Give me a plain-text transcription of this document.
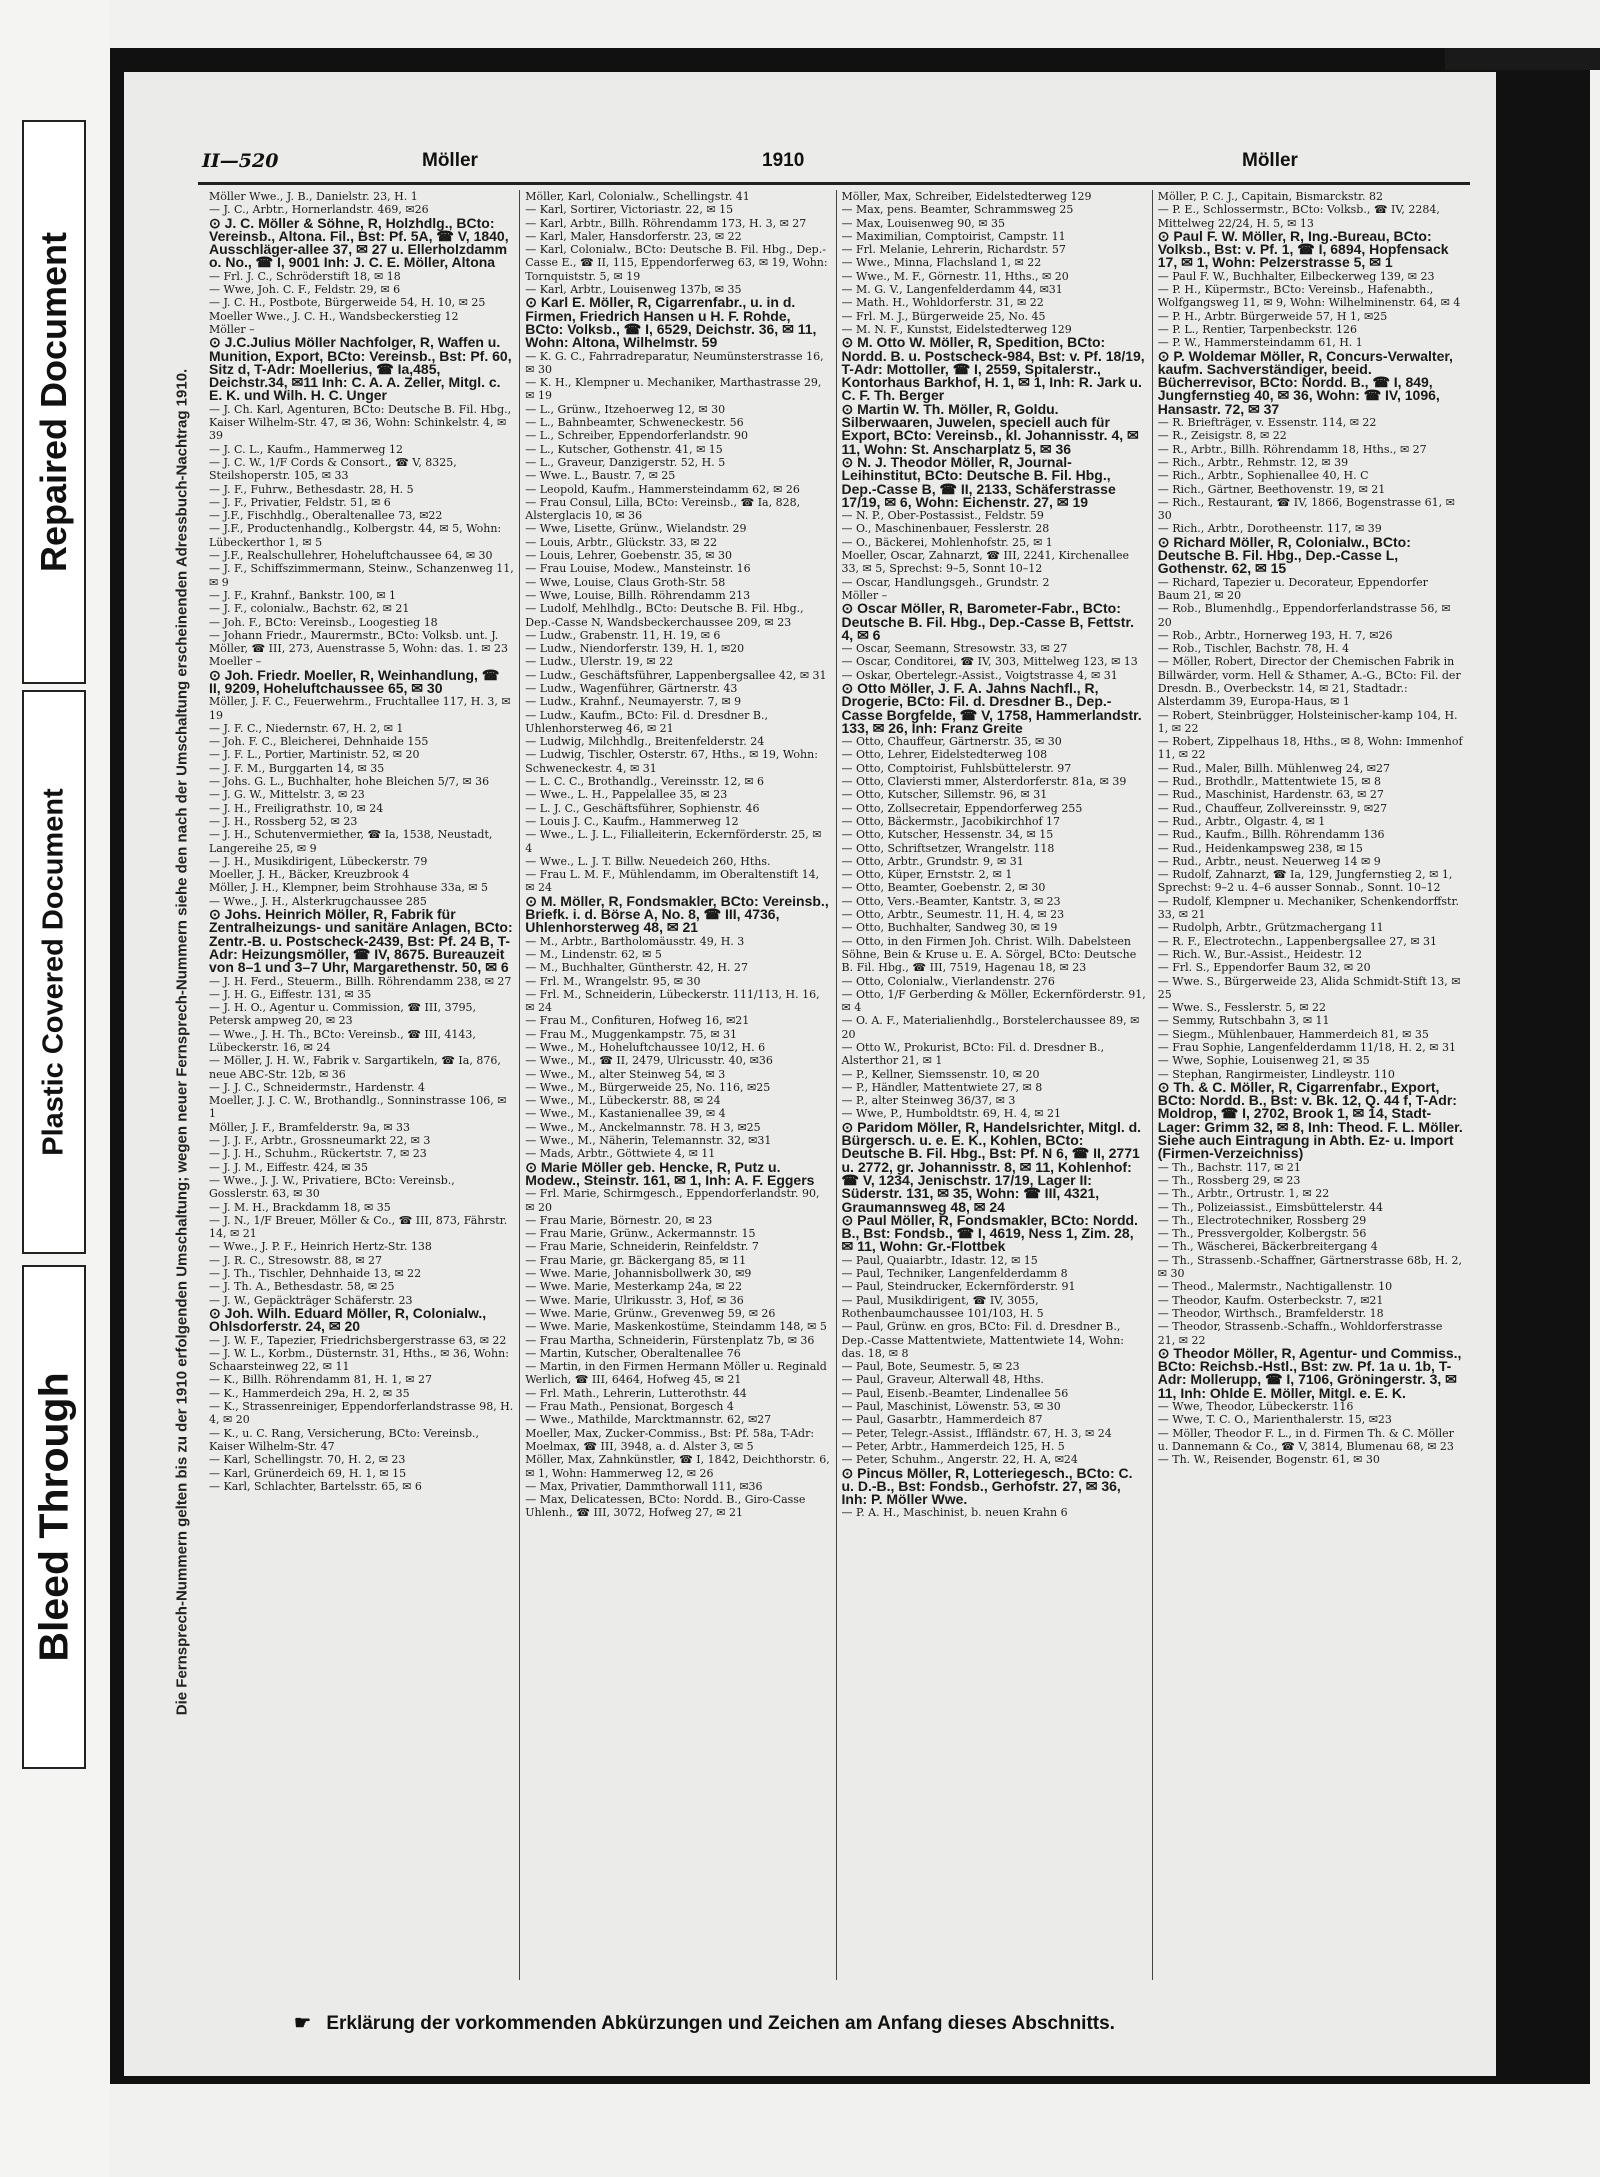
Repaired Document
Plastic Covered Document
Bleed Through
II—520	Möller	1910	Möller
Die Fernsprech-Nummern gelten bis zu der 1910 erfolgenden Umschaltung; wegen neuer Fernsprech-Nummern siehe den nach der Umschaltung erscheinenden Adressbuch-Nachtrag 1910.

Möller Wwe., J. B., Danielstr. 23, H. 1

— J. C., Arbtr., Hornerlandstr. 469, ✉26

⊙ J. C. Möller & Söhne, R, Holzhdlg., BCto: Vereinsb., Altona. Fil., Bst: Pf. 5A, ☎ V, 1840, Ausschläger-allee 37, ✉ 27 u. Ellerholzdamm o. No., ☎ I, 9001 Inh: J. C. E. Möller, Altona

— Frl. J. C., Schröderstift 18, ✉ 18

— Wwe, Joh. C. F., Feldstr. 29, ✉ 6

— J. C. H., Postbote, Bürgerweide 54, H. 10, ✉ 25

Moeller Wwe., J. C. H., Wandsbeckerstieg 12

Möller –

⊙ J.C.Julius Möller Nachfolger, R, Waffen u. Munition, Export, BCto: Vereinsb., Bst: Pf. 60, Sitz d, T-Adr: Moellerius, ☎ Ia,485, Deichstr.34, ✉11 Inh: C. A. A. Zeller, Mitgl. c. E. K. und Wilh. H. C. Unger

— J. Ch. Karl, Agenturen, BCto: Deutsche B. Fil. Hbg., Kaiser Wilhelm-Str. 47, ✉ 36, Wohn: Schinkelstr. 4, ✉ 39

— J. C. L., Kaufm., Hammerweg 12

— J. C. W., 1/F Cords & Consort., ☎ V, 8325, Steilshoperstr. 105, ✉ 33

— J. F., Fuhrw., Bethesdastr. 28, H. 5

— J. F., Privatier, Feldstr. 51, ✉ 6

— J.F., Fischhdlg., Oberaltenallee 73, ✉22

— J.F., Productenhandlg., Kolbergstr. 44, ✉ 5, Wohn: Lübeckerthor 1, ✉ 5

— J.F., Realschullehrer, Hoheluftchaussee 64, ✉ 30

— J. F., Schiffszimmermann, Steinw., Schanzenweg 11, ✉ 9

— J. F., Krahnf., Bankstr. 100, ✉ 1

— J. F., colonialw., Bachstr. 62, ✉ 21

— Joh. F., BCto: Vereinsb., Loogestieg 18

— Johann Friedr., Maurermstr., BCto: Volksb. unt. J. Möller, ☎ III, 273, Auenstrasse 5, Wohn: das. 1. ✉ 23

Moeller –

⊙ Joh. Friedr. Moeller, R, Weinhandlung, ☎ II, 9209, Hoheluftchaussee 65, ✉ 30

Möller, J. F. C., Feuerwehrm., Fruchtallee 117, H. 3, ✉ 19

— J. F. C., Niedernstr. 67, H. 2, ✉ 1

— Joh. F. C., Bleicherei, Dehnhaide 155

— J. F. L., Portier, Martinistr. 52, ✉ 20

— J. F. M., Burggarten 14, ✉ 35

— Johs. G. L., Buchhalter, hohe Bleichen 5/7, ✉ 36

— J. G. W., Mittelstr. 3, ✉ 23

— J. H., Freiligrathstr. 10, ✉ 24

— J. H., Rossberg 52, ✉ 23

— J. H., Schutenvermiether, ☎ Ia, 1538, Neustadt, Langereihe 25, ✉ 9

— J. H., Musikdirigent, Lübeckerstr. 79

Moeller, J. H., Bäcker, Kreuzbrook 4

Möller, J. H., Klempner, beim Strohhause 33a, ✉ 5

— Wwe., J. H., Alsterkrugchaussee 285

⊙ Johs. Heinrich Möller, R, Fabrik für Zentralheizungs- und sanitäre Anlagen, BCto: Zentr.-B. u. Postscheck-2439, Bst: Pf. 24 B, T-Adr: Heizungsmöller, ☎ IV, 8675. Bureauzeit von 8–1 und 3–7 Uhr, Margarethenstr. 50, ✉ 6

— J. H. Ferd., Steuerm., Billh. Röhrendamm 238, ✉ 27

— J. H. G., Eiffestr. 131, ✉ 35

— J. H. O., Agentur u. Commission, ☎ III, 3795, Petersk ampweg 20, ✉ 23

— Wwe., J. H. Th., BCto: Vereinsb., ☎ III, 4143, Lübeckerstr. 16, ✉ 24

— Möller, J. H. W., Fabrik v. Sargartikeln, ☎ Ia, 876, neue ABC-Str. 12b, ✉ 36

— J. J. C., Schneidermstr., Hardenstr. 4

Moeller, J. J. C. W., Brothandlg., Sonninstrasse 106, ✉ 1

Möller, J. F., Bramfelderstr. 9a, ✉ 33

— J. J. F., Arbtr., Grossneumarkt 22, ✉ 3

— J. J. H., Schuhm., Rückertstr. 7, ✉ 23

— J. J. M., Eiffestr. 424, ✉ 35

— Wwe., J. J. W., Privatiere, BCto: Vereinsb., Gosslerstr. 63, ✉ 30

— J. M. H., Brackdamm 18, ✉ 35

— J. N., 1/F Breuer, Möller & Co., ☎ III, 873, Fährstr. 14, ✉ 21

— Wwe., J. P. F., Heinrich Hertz-Str. 138

— J. R. C., Stresowstr. 88, ✉ 27

— J. Th., Tischler, Dehnhaide 13, ✉ 22

— J. Th. A., Bethesdastr. 58, ✉ 25

— J. W., Gepäckträger Schäferstr. 23

⊙ Joh. Wilh. Eduard Möller, R, Colonialw., Ohlsdorferstr. 24, ✉ 20

— J. W. F., Tapezier, Friedrichsbergerstrasse 63, ✉ 22

— J. W. L., Korbm., Düsternstr. 31, Hths., ✉ 36, Wohn: Schaarsteinweg 22, ✉ 11

— K., Billh. Röhrendamm 81, H. 1, ✉ 27

— K., Hammerdeich 29a, H. 2, ✉ 35

— K., Strassenreiniger, Eppendorferlandstrasse 98, H. 4, ✉ 20

— K., u. C. Rang, Versicherung, BCto: Vereinsb., Kaiser Wilhelm-Str. 47

— Karl, Schellingstr. 70, H. 2, ✉ 23

— Karl, Grünerdeich 69, H. 1, ✉ 15

— Karl, Schlachter, Bartelsstr. 65, ✉ 6

Möller, Karl, Colonialw., Schellingstr. 41

— Karl, Sortirer, Victoriastr. 22, ✉ 15

— Karl, Arbtr., Billh. Röhrendamm 173, H. 3, ✉ 27

— Karl, Maler, Hansdorferstr. 23, ✉ 22

— Karl, Colonialw., BCto: Deutsche B. Fil. Hbg., Dep.-Casse E., ☎ II, 115, Eppendorferweg 63, ✉ 19, Wohn: Tornquiststr. 5, ✉ 19

— Karl, Arbtr., Louisenweg 137b, ✉ 35

⊙ Karl E. Möller, R, Cigarrenfabr., u. in d. Firmen, Friedrich Hansen u H. F. Rohde, BCto: Volksb., ☎ I, 6529, Deichstr. 36, ✉ 11, Wohn: Altona, Wilhelmstr. 59

— K. G. C., Fahrradreparatur, Neumünsterstrasse 16, ✉ 30

— K. H., Klempner u. Mechaniker, Marthastrasse 29, ✉ 19

— L., Grünw., Itzehoerweg 12, ✉ 30

— L., Bahnbeamter, Schweneckestr. 56

— L., Schreiber, Eppendorferlandstr. 90

— L., Kutscher, Gothenstr. 41, ✉ 15

— L., Graveur, Danzigerstr. 52, H. 5

— Wwe. L., Baustr. 7, ✉ 25

— Leopold, Kaufm., Hammersteindamm 62, ✉ 26

— Frau Consul, Lilla, BCto: Vereinsb., ☎ Ia, 828, Alsterglacis 10, ✉ 36

— Wwe, Lisette, Grünw., Wielandstr. 29

— Louis, Arbtr., Glückstr. 33, ✉ 22

— Louis, Lehrer, Goebenstr. 35, ✉ 30

— Frau Louise, Modew., Mansteinstr. 16

— Wwe, Louise, Claus Groth-Str. 58

— Wwe, Louise, Billh. Röhrendamm 213

— Ludolf, Mehlhdlg., BCto: Deutsche B. Fil. Hbg., Dep.-Casse N, Wandsbeckerchaussee 209, ✉ 23

— Ludw., Grabenstr. 11, H. 19, ✉ 6

— Ludw., Niendorferstr. 139, H. 1, ✉20

— Ludw., Ulerstr. 19, ✉ 22

— Ludw., Geschäftsführer, Lappenbergsallee 42, ✉ 31

— Ludw., Wagenführer, Gärtnerstr. 43

— Ludw., Krahnf., Neumayerstr. 7, ✉ 9

— Ludw., Kaufm., BCto: Fil. d. Dresdner B., Uhlenhorsterweg 46, ✉ 21

— Ludwig, Milchhdlg., Breitenfelderstr. 24

— Ludwig, Tischler, Osterstr. 67, Hths., ✉ 19, Wohn: Schweneckestr. 4, ✉ 31

— L. C. C., Brothandlg., Vereinsstr. 12, ✉ 6

— Wwe., L. H., Pappelallee 35, ✉ 23

— L. J. C., Geschäftsführer, Sophienstr. 46

— Louis J. C., Kaufm., Hammerweg 12

— Wwe., L. J. L., Filialleiterin, Eckernförderstr. 25, ✉ 4

— Wwe., L. J. T. Billw. Neuedeich 260, Hths.

— Frau L. M. F., Mühlendamm, im Oberaltenstift 14, ✉ 24

⊙ M. Möller, R, Fondsmakler, BCto: Vereinsb., Briefk. i. d. Börse A, No. 8, ☎ III, 4736, Uhlenhorsterweg 48, ✉ 21

— M., Arbtr., Bartholomäusstr. 49, H. 3

— M., Lindenstr. 62, ✉ 5

— M., Buchhalter, Güntherstr. 42, H. 27

— Frl. M., Wrangelstr. 95, ✉ 30

— Frl. M., Schneiderin, Lübeckerstr. 111/113, H. 16, ✉ 24

— Frau M., Confituren, Hofweg 16, ✉21

— Frau M., Muggenkampstr. 75, ✉ 31

— Wwe., M., Hoheluftchaussee 10/12, H. 6

— Wwe., M., ☎ II, 2479, Ulricusstr. 40, ✉36

— Wwe., M., alter Steinweg 54, ✉ 3

— Wwe., M., Bürgerweide 25, No. 116, ✉25

— Wwe., M., Lübeckerstr. 88, ✉ 24

— Wwe., M., Kastanienallee 39, ✉ 4

— Wwe., M., Anckelmannstr. 78. H 3, ✉25

— Wwe., M., Näherin, Telemannstr. 32, ✉31

— Mads, Arbtr., Göttwiete 4, ✉ 11

⊙ Marie Möller geb. Hencke, R, Putz u. Modew., Steinstr. 161, ✉ 1, Inh: A. F. Eggers

— Frl. Marie, Schirmgesch., Eppendorferlandstr. 90, ✉ 20

— Frau Marie, Börnestr. 20, ✉ 23

— Frau Marie, Grünw., Ackermannstr. 15

— Frau Marie, Schneiderin, Reinfeldstr. 7

— Frau Marie, gr. Bäckergang 85, ✉ 11

— Wwe. Marie, Johannisbollwerk 30, ✉9

— Wwe. Marie, Mesterkamp 24a, ✉ 22

— Wwe. Marie, Ulrikusstr. 3, Hof, ✉ 36

— Wwe. Marie, Grünw., Grevenweg 59, ✉ 26

— Wwe. Marie, Maskenkostüme, Steindamm 148, ✉ 5

— Frau Martha, Schneiderin, Fürstenplatz 7b, ✉ 36

— Martin, Kutscher, Oberaltenallee 76

— Martin, in den Firmen Hermann Möller u. Reginald Werlich, ☎ III, 6464, Hofweg 45, ✉ 21

— Frl. Math., Lehrerin, Lutterothstr. 44

— Frau Math., Pensionat, Borgesch 4

— Wwe., Mathilde, Marcktmannstr. 62, ✉27

Moeller, Max, Zucker-Commiss., Bst: Pf. 58a, T-Adr: Moelmax, ☎ III, 3948, a. d. Alster 3, ✉ 5

Möller, Max, Zahnkünstler, ☎ I, 1842, Deichthorstr. 6, ✉ 1, Wohn: Hammerweg 12, ✉ 26

— Max, Privatier, Dammthorwall 111, ✉36

— Max, Delicatessen, BCto: Nordd. B., Giro-Casse Uhlenh., ☎ III, 3072, Hofweg 27, ✉ 21

Möller, Max, Schreiber, Eidelstedterweg 129

— Max, pens. Beamter, Schrammsweg 25

— Max, Louisenweg 90, ✉ 35

— Maximilian, Comptoirist, Campstr. 11

— Frl. Melanie, Lehrerin, Richardstr. 57

— Wwe., Minna, Flachsland 1, ✉ 22

— Wwe., M. F., Görnestr. 11, Hths., ✉ 20

— M. G. V., Langenfelderdamm 44, ✉31

— Math. H., Wohldorferstr. 31, ✉ 22

— Frl. M. J., Bürgerweide 25, No. 45

— M. N. F., Kunstst, Eidelstedterweg 129

⊙ M. Otto W. Möller, R, Spedition, BCto: Nordd. B. u. Postscheck-984, Bst: v. Pf. 18/19, T-Adr: Mottoller, ☎ I, 2559, Spitalerstr., Kontorhaus Barkhof, H. 1, ✉ 1, Inh: R. Jark u. C. F. Th. Berger

⊙ Martin W. Th. Möller, R, Goldu. Silberwaaren, Juwelen, speciell auch für Export, BCto: Vereinsb., kl. Johannisstr. 4, ✉ 11, Wohn: St. Anscharplatz 5, ✉ 36

⊙ N. J. Theodor Möller, R, Journal-Leihinstitut, BCto: Deutsche B. Fil. Hbg., Dep.-Casse B, ☎ II, 2133, Schäferstrasse 17/19, ✉ 6, Wohn: Eichenstr. 27, ✉ 19

— N. P., Ober-Postassist., Feldstr. 59

— O., Maschinenbauer, Fesslerstr. 28

— O., Bäckerei, Mohlenhofstr. 25, ✉ 1

Moeller, Oscar, Zahnarzt, ☎ III, 2241, Kirchenallee 33, ✉ 5, Sprechst: 9–5, Sonnt 10–12

— Oscar, Handlungsgeh., Grundstr. 2

Möller –

⊙ Oscar Möller, R, Barometer-Fabr., BCto: Deutsche B. Fil. Hbg., Dep.-Casse B, Fettstr. 4, ✉ 6

— Oscar, Seemann, Stresowstr. 33, ✉ 27

— Oscar, Conditorei, ☎ IV, 303, Mittelweg 123, ✉ 13

— Oskar, Obertelegr.-Assist., Voigtstrasse 4, ✉ 31

⊙ Otto Möller, J. F. A. Jahns Nachfl., R, Drogerie, BCto: Fil. d. Dresdner B., Dep.-Casse Borgfelde, ☎ V, 1758, Hammerlandstr. 133, ✉ 26, Inh: Franz Greite

— Otto, Chauffeur, Gärtnerstr. 35, ✉ 30

— Otto, Lehrer, Eidelstedterweg 108

— Otto, Comptoirist, Fuhlsbüttelerstr. 97

— Otto, Claviersti mmer, Alsterdorferstr. 81a, ✉ 39

— Otto, Kutscher, Sillemstr. 96, ✉ 31

— Otto, Zollsecretair, Eppendorferweg 255

— Otto, Bäckermstr., Jacobikirchhof 17

— Otto, Kutscher, Hessenstr. 34, ✉ 15

— Otto, Schriftsetzer, Wrangelstr. 118

— Otto, Arbtr., Grundstr. 9, ✉ 31

— Otto, Küper, Ernststr. 2, ✉ 1

— Otto, Beamter, Goebenstr. 2, ✉ 30

— Otto, Vers.-Beamter, Kantstr. 3, ✉ 23

— Otto, Arbtr., Seumestr. 11, H. 4, ✉ 23

— Otto, Buchhalter, Sandweg 30, ✉ 19

— Otto, in den Firmen Joh. Christ. Wilh. Dabelsteen Söhne, Bein & Kruse u. E. A. Sörgel, BCto: Deutsche B. Fil. Hbg., ☎ III, 7519, Hagenau 18, ✉ 23

— Otto, Colonialw., Vierlandenstr. 276

— Otto, 1/F Gerberding & Möller, Eckernförderstr. 91, ✉ 4

— O. A. F., Materialienhdlg., Borstelerchaussee 89, ✉ 20

— Otto W., Prokurist, BCto: Fil. d. Dresdner B., Alsterthor 21, ✉ 1

— P., Kellner, Siemssenstr. 10, ✉ 20

— P., Händler, Mattentwiete 27, ✉ 8

— P., alter Steinweg 36/37, ✉ 3

— Wwe, P., Humboldtstr. 69, H. 4, ✉ 21

⊙ Paridom Möller, R, Handelsrichter, Mitgl. d. Bürgersch. u. e. E. K., Kohlen, BCto: Deutsche B. Fil. Hbg., Bst: Pf. N 6, ☎ II, 2771 u. 2772, gr. Johannisstr. 8, ✉ 11, Kohlenhof: ☎ V, 1234, Jenischstr. 17/19, Lager II: Süderstr. 131, ✉ 35, Wohn: ☎ III, 4321, Graumannsweg 48, ✉ 24

⊙ Paul Möller, R, Fondsmakler, BCto: Nordd. B., Bst: Fondsb., ☎ I, 4619, Ness 1, Zim. 28, ✉ 11, Wohn: Gr.-Flottbek

— Paul, Quaiarbtr., Idastr. 12, ✉ 15

— Paul, Techniker, Langenfelderdamm 8

— Paul, Steindrucker, Eckernförderstr. 91

— Paul, Musikdirigent, ☎ IV, 3055, Rothenbaumchaussee 101/103, H. 5

— Paul, Grünw. en gros, BCto: Fil. d. Dresdner B., Dep.-Casse Mattentwiete, Mattentwiete 14, Wohn: das. 18, ✉ 8

— Paul, Bote, Seumestr. 5, ✉ 23

— Paul, Graveur, Alterwall 48, Hths.

— Paul, Eisenb.-Beamter, Lindenallee 56

— Paul, Maschinist, Löwenstr. 53, ✉ 30

— Paul, Gasarbtr., Hammerdeich 87

— Peter, Telegr.-Assist., Iffländstr. 67, H. 3, ✉ 24

— Peter, Arbtr., Hammerdeich 125, H. 5

— Peter, Schuhm., Angerstr. 22, H. A, ✉24

⊙ Pincus Möller, R, Lotteriegesch., BCto: C. u. D.-B., Bst: Fondsb., Gerhofstr. 27, ✉ 36, Inh: P. Möller Wwe.

— P. A. H., Maschinist, b. neuen Krahn 6

Möller, P. C. J., Capitain, Bismarckstr. 82

— P. E., Schlossermstr., BCto: Volksb., ☎ IV, 2284, Mittelweg 22/24, H. 5, ✉ 13

⊙ Paul F. W. Möller, R, Ing.-Bureau, BCto: Volksb., Bst: v. Pf. 1, ☎ I, 6894, Hopfensack 17, ✉ 1, Wohn: Pelzerstrasse 5, ✉ 1

— Paul F. W., Buchhalter, Eilbeckerweg 139, ✉ 23

— P. H., Küpermstr., BCto: Vereinsb., Hafenabth., Wolfgangsweg 11, ✉ 9, Wohn: Wilhelminenstr. 64, ✉ 4

— P. H., Arbtr. Bürgerweide 57, H 1, ✉25

— P. L., Rentier, Tarpenbeckstr. 126

— P. W., Hammersteindamm 61, H. 1

⊙ P. Woldemar Möller, R, Concurs-Verwalter, kaufm. Sachverständiger, beeid. Bücherrevisor, BCto: Nordd. B., ☎ I, 849, Jungfernstieg 40, ✉ 36, Wohn: ☎ IV, 1096, Hansastr. 72, ✉ 37

— R. Briefträger, v. Essenstr. 114, ✉ 22

— R., Zeisigstr. 8, ✉ 22

— R., Arbtr., Billh. Röhrendamm 18, Hths., ✉ 27

— Rich., Arbtr., Rehmstr. 12, ✉ 39

— Rich., Arbtr., Sophienallee 40, H. C

— Rich., Gärtner, Beethovenstr. 19, ✉ 21

— Rich., Restaurant, ☎ IV, 1866, Bogenstrasse 61, ✉ 30

— Rich., Arbtr., Dorotheenstr. 117, ✉ 39

⊙ Richard Möller, R, Colonialw., BCto: Deutsche B. Fil. Hbg., Dep.-Casse L, Gothenstr. 62, ✉ 15

— Richard, Tapezier u. Decorateur, Eppendorfer Baum 21, ✉ 20

— Rob., Blumenhdlg., Eppendorferlandstrasse 56, ✉ 20

— Rob., Arbtr., Hornerweg 193, H. 7, ✉26

— Rob., Tischler, Bachstr. 78, H. 4

— Möller, Robert, Director der Chemischen Fabrik in Billwärder, vorm. Hell & Sthamer, A.-G., BCto: Fil. der Dresdn. B., Overbeckstr. 14, ✉ 21, Stadtadr.: Alsterdamm 39, Europa-Haus, ✉ 1

— Robert, Steinbrügger, Holsteinischer-kamp 104, H. 1, ✉ 22

— Robert, Zippelhaus 18, Hths., ✉ 8, Wohn: Immenhof 11, ✉ 22

— Rud., Maler, Billh. Mühlenweg 24, ✉27

— Rud., Brothdlr., Mattentwiete 15, ✉ 8

— Rud., Maschinist, Hardenstr. 63, ✉ 27

— Rud., Chauffeur, Zollvereinsstr. 9, ✉27

— Rud., Arbtr., Olgastr. 4, ✉ 1

— Rud., Kaufm., Billh. Röhrendamm 136

— Rud., Heidenkampsweg 238, ✉ 15

— Rud., Arbtr., neust. Neuerweg 14 ✉ 9

— Rudolf, Zahnarzt, ☎ Ia, 129, Jungfernstieg 2, ✉ 1, Sprechst: 9–2 u. 4–6 ausser Sonnab., Sonnt. 10–12

— Rudolf, Klempner u. Mechaniker, Schenkendorffstr. 33, ✉ 21

— Rudolph, Arbtr., Grützmachergang 11

— R. F., Electrotechn., Lappenbergsallee 27, ✉ 31

— Rich. W., Bur.-Assist., Heidestr. 12

— Frl. S., Eppendorfer Baum 32, ✉ 20

— Wwe. S., Bürgerweide 23, Alida Schmidt-Stift 13, ✉ 25

— Wwe. S., Fesslerstr. 5, ✉ 22

— Semmy, Rutschbahn 3, ✉ 11

— Siegm., Mühlenbauer, Hammerdeich 81, ✉ 35

— Frau Sophie, Langenfelderdamm 11/18, H. 2, ✉ 31

— Wwe, Sophie, Louisenweg 21, ✉ 35

— Stephan, Rangirmeister, Lindleystr. 110

⊙ Th. & C. Möller, R, Cigarrenfabr., Export, BCto: Nordd. B., Bst: v. Bk. 12, Q. 44 f, T-Adr: Moldrop, ☎ I, 2702, Brook 1, ✉ 14, Stadt-Lager: Grimm 32, ✉ 8, Inh: Theod. F. L. Möller. Siehe auch Eintragung in Abth. Ez- u. Import (Firmen-Verzeichniss)

— Th., Bachstr. 117, ✉ 21

— Th., Rossberg 29, ✉ 23

— Th., Arbtr., Ortrustr. 1, ✉ 22

— Th., Polizeiassist., Eimsbüttelerstr. 44

— Th., Electrotechniker, Rossberg 29

— Th., Pressvergolder, Kolbergstr. 56

— Th., Wäscherei, Bäckerbreitergang 4

— Th., Strassenb.-Schaffner, Gärtnerstrasse 68b, H. 2, ✉ 30

— Theod., Malermstr., Nachtigallenstr. 10

— Theodor, Kaufm. Osterbeckstr. 7, ✉21

— Theodor, Wirthsch., Bramfelderstr. 18

— Theodor, Strassenb.-Schaffn., Wohldorferstrasse 21, ✉ 22

⊙ Theodor Möller, R, Agentur- und Commiss., BCto: Reichsb.-Hstl., Bst: zw. Pf. 1a u. 1b, T-Adr: Mollerupp, ☎ I, 7106, Gröningerstr. 3, ✉ 11, Inh: Ohlde E. Möller, Mitgl. e. E. K.

— Wwe, Theodor, Lübeckerstr. 116

— Wwe, T. C. O., Marienthalerstr. 15, ✉23

— Möller, Theodor F. L., in d. Firmen Th. & C. Möller u. Dannemann & Co., ☎ V, 3814, Blumenau 68, ✉ 23

— Th. W., Reisender, Bogenstr. 61, ✉ 30

☛ Erklärung der vorkommenden Abkürzungen und Zeichen am Anfang dieses Abschnitts.
